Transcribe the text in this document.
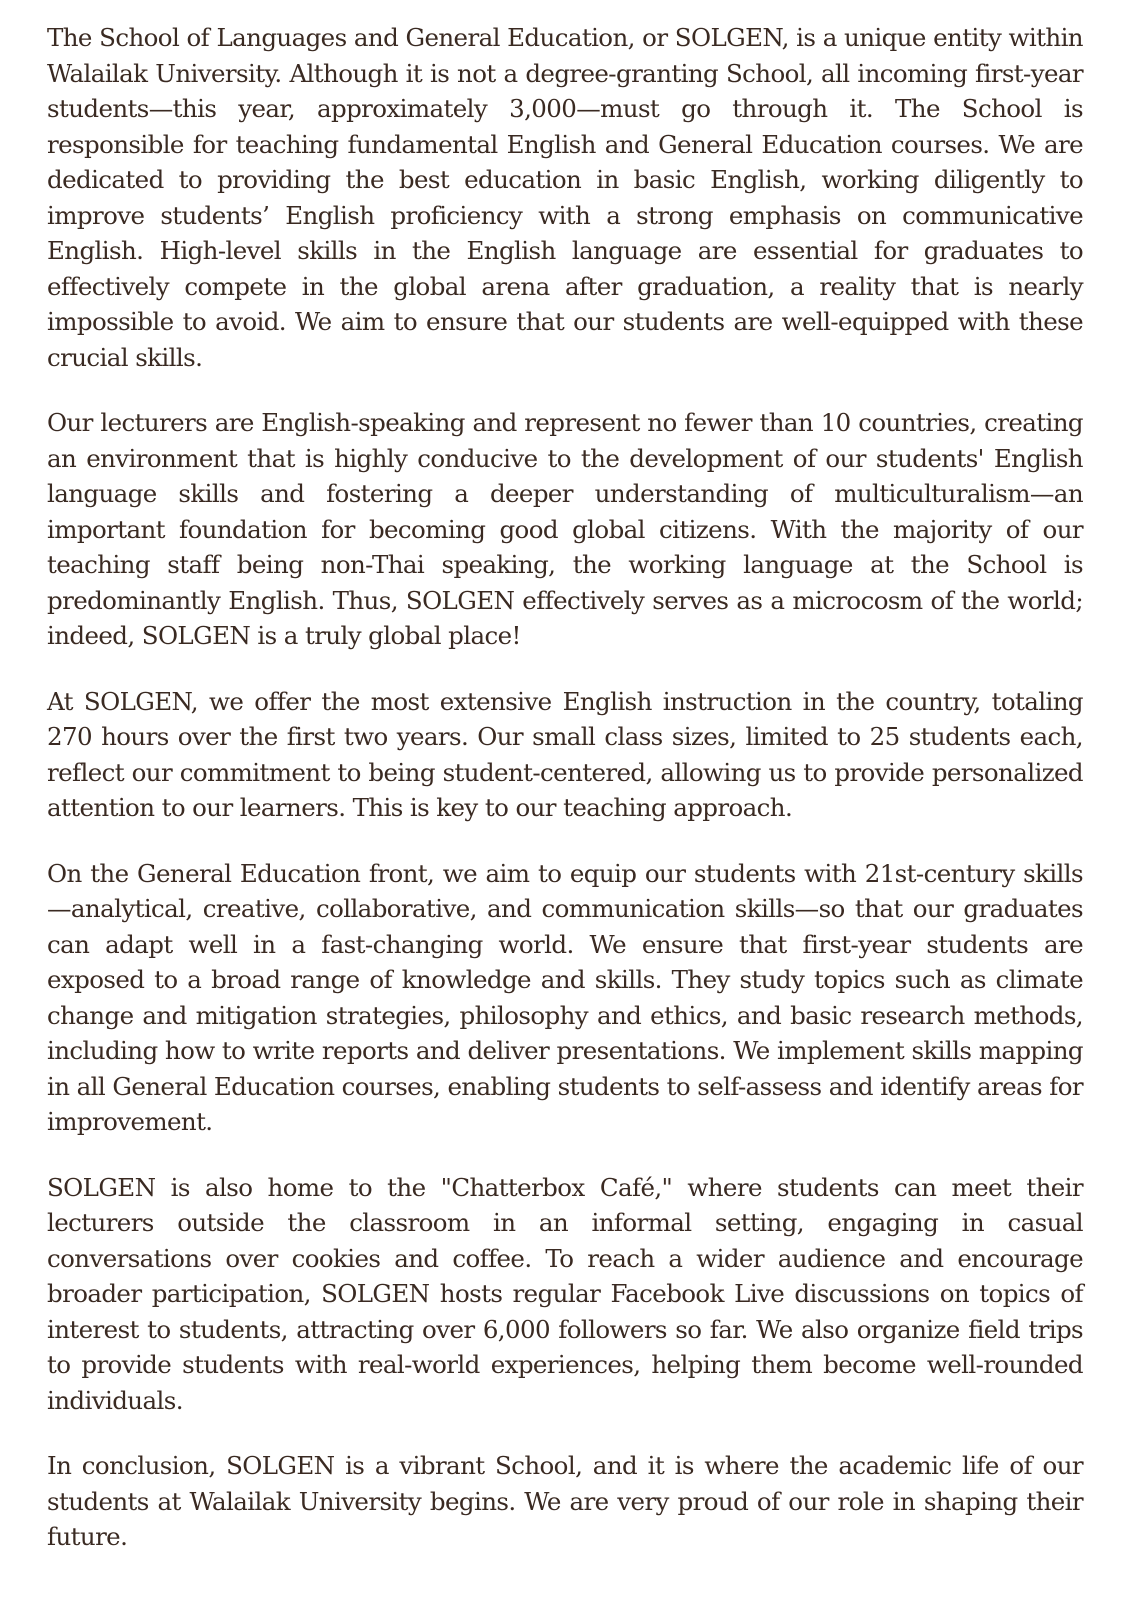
The School of Languages and General Education, or SOLGEN, is a unique entity within Walailak University. Although it is not a degree-granting School, all incoming first-year students—this year, approximately 3,000—must go through it. The School is responsible for teaching fundamental English and General Education courses. We are dedicated to providing the best education in basic English, working diligently to improve students’ English proficiency with a strong emphasis on communicative English. High-level skills in the English language are essential for graduates to effectively compete in the global arena after graduation, a reality that is nearly impossible to avoid. We aim to ensure that our students are well-equipped with these crucial skills.

Our lecturers are English-speaking and represent no fewer than 10 countries, creating an environment that is highly conducive to the development of our students' English language skills and fostering a deeper understanding of multiculturalism—an important foundation for becoming good global citizens. With the majority of our teaching staff being non-Thai speaking, the working language at the School is predominantly English. Thus, SOLGEN effectively serves as a microcosm of the world; indeed, SOLGEN is a truly global place!

At SOLGEN, we offer the most extensive English instruction in the country, totaling 270 hours over the first two years. Our small class sizes, limited to 25 students each, reflect our commitment to being student-centered, allowing us to provide personalized attention to our learners. This is key to our teaching approach.

On the General Education front, we aim to equip our students with 21st-century skills—analytical, creative, collaborative, and communication skills—so that our graduates can adapt well in a fast-changing world. We ensure that first-year students are exposed to a broad range of knowledge and skills. They study topics such as climate change and mitigation strategies, philosophy and ethics, and basic research methods, including how to write reports and deliver presentations. We implement skills mapping in all General Education courses, enabling students to self-assess and identify areas for improvement.

SOLGEN is also home to the "Chatterbox Café," where students can meet their lecturers outside the classroom in an informal setting, engaging in casual conversations over cookies and coffee. To reach a wider audience and encourage broader participation, SOLGEN hosts regular Facebook Live discussions on topics of interest to students, attracting over 6,000 followers so far. We also organize field trips to provide students with real-world experiences, helping them become well-rounded individuals.

In conclusion, SOLGEN is a vibrant School, and it is where the academic life of our students at Walailak University begins. We are very proud of our role in shaping their future.
